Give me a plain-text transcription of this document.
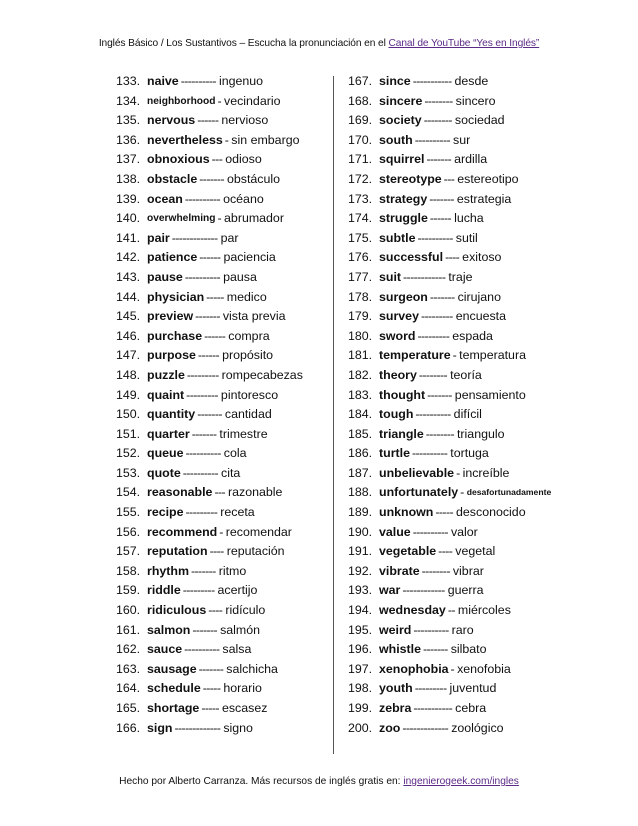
Inglés Básico / Los Sustantivos – Escucha la pronunciación en el Canal de YouTube “Yes en Inglés”
133. naive ---------- ingenuo
134. neighborhood - vecindario
135. nervous ------ nervioso
136. nevertheless - sin embargo
137. obnoxious --- odioso
138. obstacle ------- obstáculo
139. ocean ---------- océano
140. overwhelming - abrumador
141. pair ------------- par
142. patience ------ paciencia
143. pause ---------- pausa
144. physician ----- medico
145. preview ------- vista previa
146. purchase ------ compra
147. purpose ------ propósito
148. puzzle --------- rompecabezas
149. quaint --------- pintoresco
150. quantity ------- cantidad
151. quarter ------- trimestre
152. queue ---------- cola
153. quote ---------- cita
154. reasonable --- razonable
155. recipe --------- receta
156. recommend - recomendar
157. reputation ---- reputación
158. rhythm ------- ritmo
159. riddle --------- acertijo
160. ridiculous ---- ridículo
161. salmon ------- salmón
162. sauce ---------- salsa
163. sausage ------- salchicha
164. schedule ----- horario
165. shortage ----- escasez
166. sign ------------- signo
167. since ----------- desde
168. sincere -------- sincero
169. society -------- sociedad
170. south ---------- sur
171. squirrel ------- ardilla
172. stereotype --- estereotipo
173. strategy ------- estrategia
174. struggle ------ lucha
175. subtle ---------- sutil
176. successful ---- exitoso
177. suit ------------ traje
178. surgeon ------- cirujano
179. survey --------- encuesta
180. sword --------- espada
181. temperature - temperatura
182. theory -------- teoría
183. thought ------- pensamiento
184. tough ---------- difícil
185. triangle -------- triangulo
186. turtle ---------- tortuga
187. unbelievable - increíble
188. unfortunately - desafortunadamente
189. unknown ----- desconocido
190. value ---------- valor
191. vegetable ---- vegetal
192. vibrate -------- vibrar
193. war ------------ guerra
194. wednesday -- miércoles
195. weird ---------- raro
196. whistle ------- silbato
197. xenophobia - xenofobia
198. youth --------- juventud
199. zebra ----------- cebra
200. zoo ------------- zoológico
Hecho por Alberto Carranza. Más recursos de inglés gratis en: ingenierogeek.com/ingles
